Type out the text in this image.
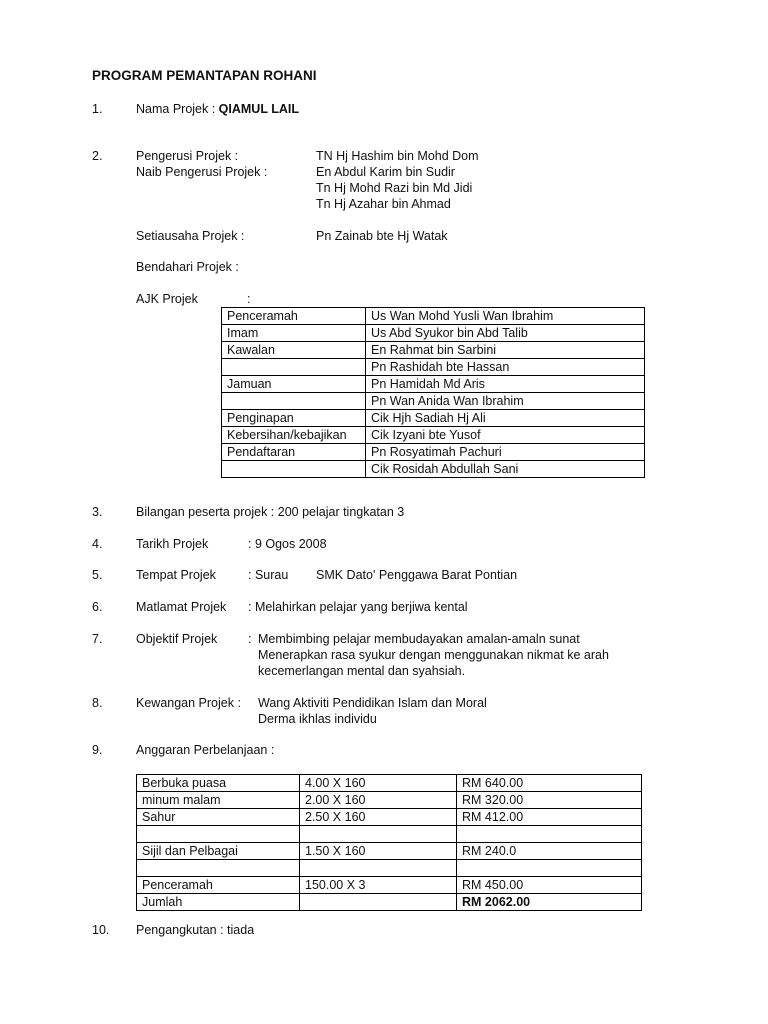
PROGRAM PEMANTAPAN ROHANI
1.	Nama Projek : QIAMUL LAIL
2.	Pengerusi Projek :	TN Hj Hashim bin Mohd Dom
Naib Pengerusi Projek :	En Abdul Karim bin Sudir
Tn Hj Mohd Razi bin Md Jidi
Tn Hj Azahar bin Ahmad
Setiausaha Projek :	Pn Zainab bte Hj Watak
Bendahari Projek :
AJK Projek	:
Penceramah	Us Wan Mohd Yusli Wan Ibrahim
Imam	Us Abd Syukor bin Abd Talib
Kawalan	En Rahmat bin Sarbini
	Pn Rashidah bte Hassan
Jamuan	Pn Hamidah Md Aris
	Pn Wan Anida Wan Ibrahim
Penginapan	Cik Hjh Sadiah Hj Ali
Kebersihan/kebajikan	Cik Izyani bte Yusof
Pendaftaran	Pn Rosyatimah Pachuri
	Cik Rosidah Abdullah Sani
3.	Bilangan peserta projek : 200 pelajar tingkatan 3
4.	Tarikh Projek	: 9 Ogos 2008
5.	Tempat Projek	: Surau SMK Dato' Penggawa Barat Pontian
6.	Matlamat Projek : Melahirkan pelajar yang berjiwa kental
7.	Objektif Projek : Membimbing pelajar membudayakan amalan-amaln sunat
Menerapkan rasa syukur dengan menggunakan nikmat ke arah
kecemerlangan mental dan syahsiah.
8.	Kewangan Projek : Wang Aktiviti Pendidikan Islam dan Moral
Derma ikhlas individu
9.	Anggaran Perbelanjaan :
Berbuka puasa	4.00 X 160	RM 640.00
minum malam	2.00 X 160	RM 320.00
Sahur	2.50 X 160	RM 412.00

Sijil dan Pelbagai	1.50 X 160	RM 240.0

Penceramah	150.00 X 3	RM 450.00
Jumlah		RM 2062.00
10. Pengangkutan : tiada
